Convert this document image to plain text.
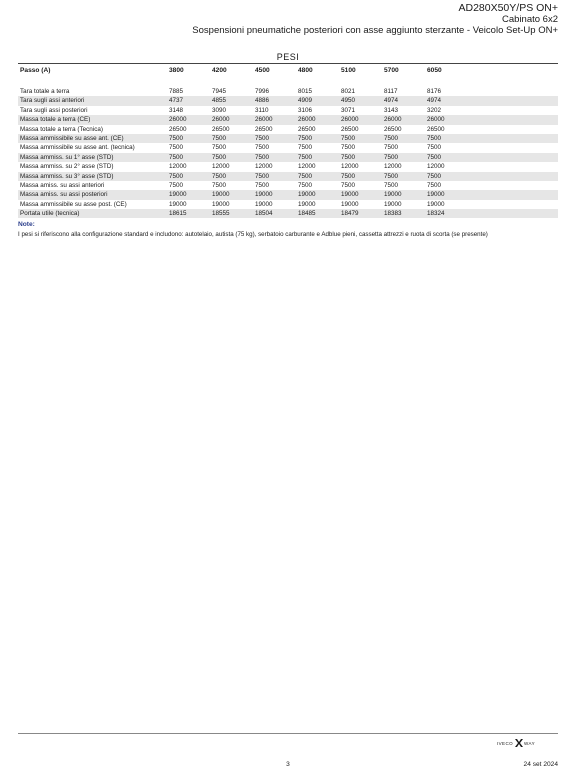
AD280X50Y/PS ON+
Cabinato 6x2
Sospensioni pneumatiche posteriori con asse aggiunto sterzante - Veicolo Set-Up ON+
PESI
Passo (A)	3800	4200	4500	4800	5100	5700	6050
Tara totale a terra	7885	7945	7996	8015	8021	8117	8176
Tara sugli assi anteriori	4737	4855	4886	4909	4950	4974	4974
Tara sugli assi posteriori	3148	3090	3110	3106	3071	3143	3202
Massa totale a terra (CE)	26000	26000	26000	26000	26000	26000	26000
Massa totale a terra (Tecnica)	26500	26500	26500	26500	26500	26500	26500
Massa ammissibile su asse ant. (CE)	7500	7500	7500	7500	7500	7500	7500
Massa ammissibile su asse ant. (tecnica)	7500	7500	7500	7500	7500	7500	7500
Massa ammiss. su 1° asse (STD)	7500	7500	7500	7500	7500	7500	7500
Massa ammiss. su 2° asse (STD)	12000	12000	12000	12000	12000	12000	12000
Massa ammiss. su 3° asse (STD)	7500	7500	7500	7500	7500	7500	7500
Massa amiss. su assi anteriori	7500	7500	7500	7500	7500	7500	7500
Massa amiss. su assi posteriori	19000	19000	19000	19000	19000	19000	19000
Massa ammissibile su asse post. (CE)	19000	19000	19000	19000	19000	19000	19000
Portata utile (tecnica)	18615	18555	18504	18485	18479	18383	18324
Note:
I pesi si riferiscono alla configurazione standard e includono: autotelaio, autista (75 kg), serbatoio carburante e Adblue pieni, cassetta attrezzi e ruota di scorta (se presente)
IVECO WAY
3	24 set 2024
